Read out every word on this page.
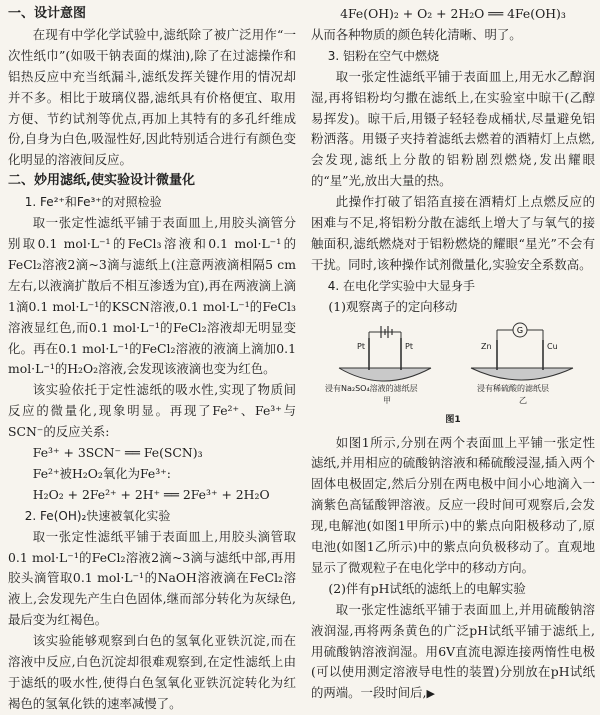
一、设计意图

在现有中学化学试验中,滤纸除了被广泛用作“一次性纸巾”(如吸干钠表面的煤油),除了在过滤操作和铝热反应中充当纸漏斗,滤纸发挥关键作用的情况却并不多。相比于玻璃仪器,滤纸具有价格便宜、取用方便、节约试剂等优点,再加上其特有的多孔纤维成份,自身为白色,吸湿性好,因此特别适合进行有颜色变化明显的溶液间反应。

二、妙用滤纸,使实验设计微量化
1. Fe²⁺和Fe³⁺的对照检验

取一张定性滤纸平铺于表面皿上,用胶头滴管分别取0.1 mol·L⁻¹的FeCl₃溶液和0.1 mol·L⁻¹的FeCl₂溶液2滴~3滴与滤纸上(注意两液滴相隔5 cm左右,以液滴扩散后不相互渗透为宜),再在两液滴上滴1滴0.1 mol·L⁻¹的KSCN溶液,0.1 mol·L⁻¹的FeCl₃溶液显红色,而0.1 mol·L⁻¹的FeCl₂溶液却无明显变化。再在0.1 mol·L⁻¹的FeCl₂溶液的液滴上滴加0.1 mol·L⁻¹的H₂O₂溶液,会发现该液滴也变为红色。

该实验依托于定性滤纸的吸水性,实现了物质间反应的微量化,现象明显。再现了Fe²⁺、Fe³⁺与SCN⁻的反应关系:

Fe³⁺ + 3SCN⁻ ══ Fe(SCN)₃
Fe²⁺被H₂O₂氧化为Fe³⁺:
H₂O₂ + 2Fe²⁺ + 2H⁺ ══ 2Fe³⁺ + 2H₂O
2. Fe(OH)₂快速被氧化实验

取一张定性滤纸平铺于表面皿上,用胶头滴管取0.1 mol·L⁻¹的FeCl₂溶液2滴~3滴与滤纸中部,再用胶头滴管取0.1 mol·L⁻¹的NaOH溶液滴在FeCl₂溶液上,会发现先产生白色固体,继而部分转化为灰绿色,最后变为红褐色。

该实验能够观察到白色的氢氧化亚铁沉淀,而在溶液中反应,白色沉淀却很难观察到,在定性滤纸上由于滤纸的吸水性,使得白色氢氧化亚铁沉淀转化为红褐色的氢氧化铁的速率减慢了。

4Fe(OH)₂ + O₂ + 2H₂O ══ 4Fe(OH)₃

从而各种物质的颜色转化清晰、明了。

3. 铝粉在空气中燃烧

取一张定性滤纸平铺于表面皿上,用无水乙醇润湿,再将铝粉均匀撒在滤纸上,在实验室中晾干(乙醇易挥发)。晾干后,用镊子轻轻卷成桶状,尽量避免铝粉洒落。用镊子夹持着滤纸去燃着的酒精灯上点燃,会发现,滤纸上分散的铝粉剧烈燃烧,发出耀眼的“星”光,放出大量的热。

此操作打破了铝箔直接在酒精灯上点燃反应的困难与不足,将铝粉分散在滤纸上增大了与氧气的接触面积,滤纸燃烧对于铝粉燃烧的耀眼“星光”不会有干扰。同时,该种操作试剂微量化,实验安全系数高。

4. 在电化学实验中大显身手
(1)观察离子的定向移动
G
Pt	Pt	Zn	Cu
浸有Na₂SO₄溶液的滤纸层
甲
浸有稀硫酸的滤纸层
乙
图1

如图1所示,分别在两个表面皿上平铺一张定性滤纸,并用相应的硫酸钠溶液和稀硫酸浸湿,插入两个固体电极固定,然后分别在两电极中间小心地滴入一滴紫色高锰酸钾溶液。反应一段时间可观察后,会发现,电解池(如图1甲所示)中的紫点向阳极移动了,原电池(如图1乙所示)中的紫点向负极移动了。直观地显示了微观粒子在电化学中的移动方向。

(2)伴有pH试纸的滤纸上的电解实验

取一张定性滤纸平铺于表面皿上,并用硫酸钠溶液润湿,再将两条黄色的广泛pH试纸平铺于滤纸上,用硫酸钠溶液润湿。用6V直流电源连接两惰性电极(可以使用测定溶液导电性的装置)分别放在pH试纸的两端。一段时间后,▶
